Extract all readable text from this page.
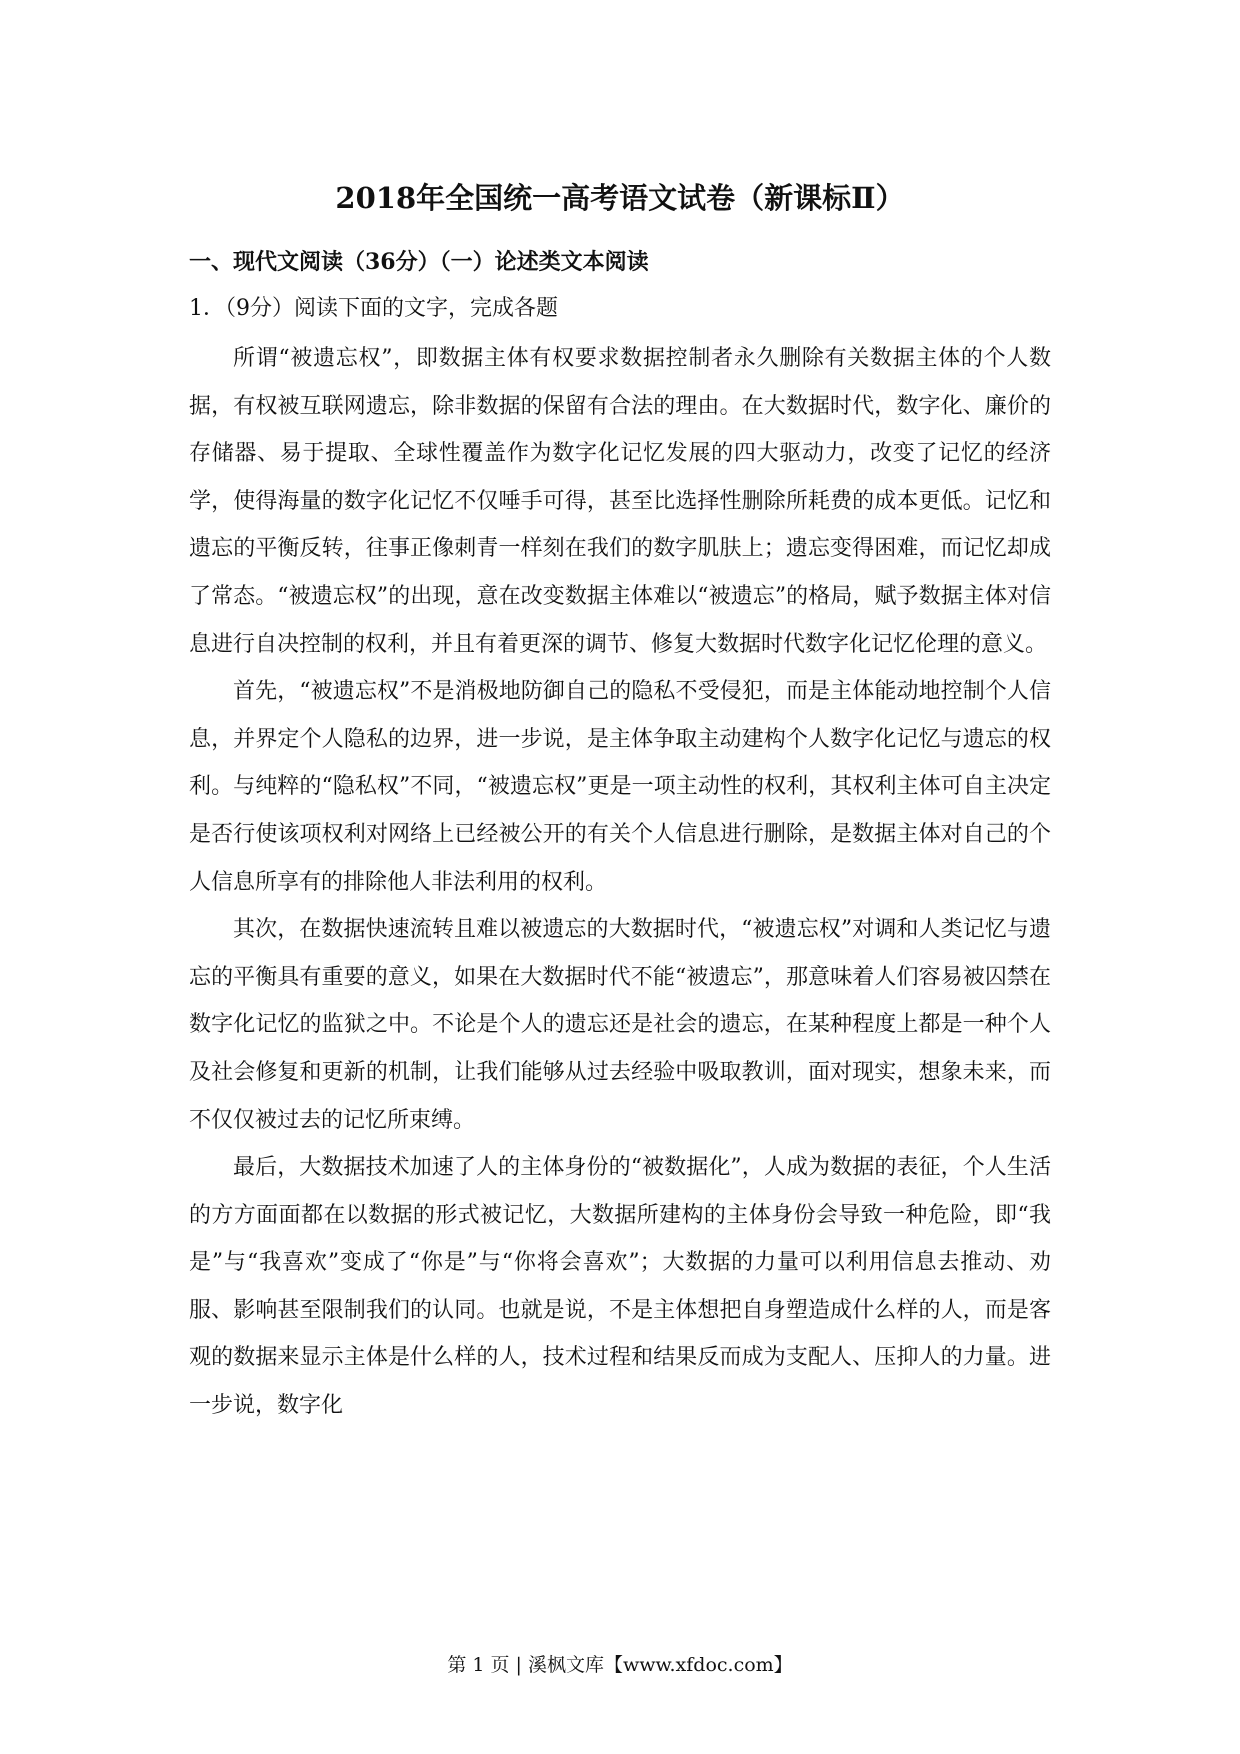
2018年全国统一高考语文试卷（新课标Ⅱ）
一、现代文阅读（36分）（一）论述类文本阅读

1．（9分）阅读下面的文字，完成各题

所谓“被遗忘权”，即数据主体有权要求数据控制者永久删除有关数据主体的个人数据，有权被互联网遗忘，除非数据的保留有合法的理由。在大数据时代，数字化、廉价的存储器、易于提取、全球性覆盖作为数字化记忆发展的四大驱动力，改变了记忆的经济学，使得海量的数字化记忆不仅唾手可得，甚至比选择性删除所耗费的成本更低。记忆和遗忘的平衡反转，往事正像刺青一样刻在我们的数字肌肤上；遗忘变得困难，而记忆却成了常态。“被遗忘权”的出现，意在改变数据主体难以“被遗忘”的格局，赋予数据主体对信息进行自决控制的权利，并且有着更深的调节、修复大数据时代数字化记忆伦理的意义。

首先，“被遗忘权”不是消极地防御自己的隐私不受侵犯，而是主体能动地控制个人信息，并界定个人隐私的边界，进一步说，是主体争取主动建构个人数字化记忆与遗忘的权利。与纯粹的“隐私权”不同，“被遗忘权”更是一项主动性的权利，其权利主体可自主决定是否行使该项权利对网络上已经被公开的有关个人信息进行删除，是数据主体对自己的个人信息所享有的排除他人非法利用的权利。

其次，在数据快速流转且难以被遗忘的大数据时代，“被遗忘权”对调和人类记忆与遗忘的平衡具有重要的意义，如果在大数据时代不能“被遗忘”，那意味着人们容易被囚禁在数字化记忆的监狱之中。不论是个人的遗忘还是社会的遗忘，在某种程度上都是一种个人及社会修复和更新的机制，让我们能够从过去经验中吸取教训，面对现实，想象未来，而不仅仅被过去的记忆所束缚。

最后，大数据技术加速了人的主体身份的“被数据化”，人成为数据的表征，个人生活的方方面面都在以数据的形式被记忆，大数据所建构的主体身份会导致一种危险，即“我是”与“我喜欢”变成了“你是”与“你将会喜欢”；大数据的力量可以利用信息去推动、劝服、影响甚至限制我们的认同。也就是说，不是主体想把自身塑造成什么样的人，而是客观的数据来显示主体是什么样的人，技术过程和结果反而成为支配人、压抑人的力量。进一步说，数字化

第 1 页 | 溪枫文库【www.xfdoc.com】
